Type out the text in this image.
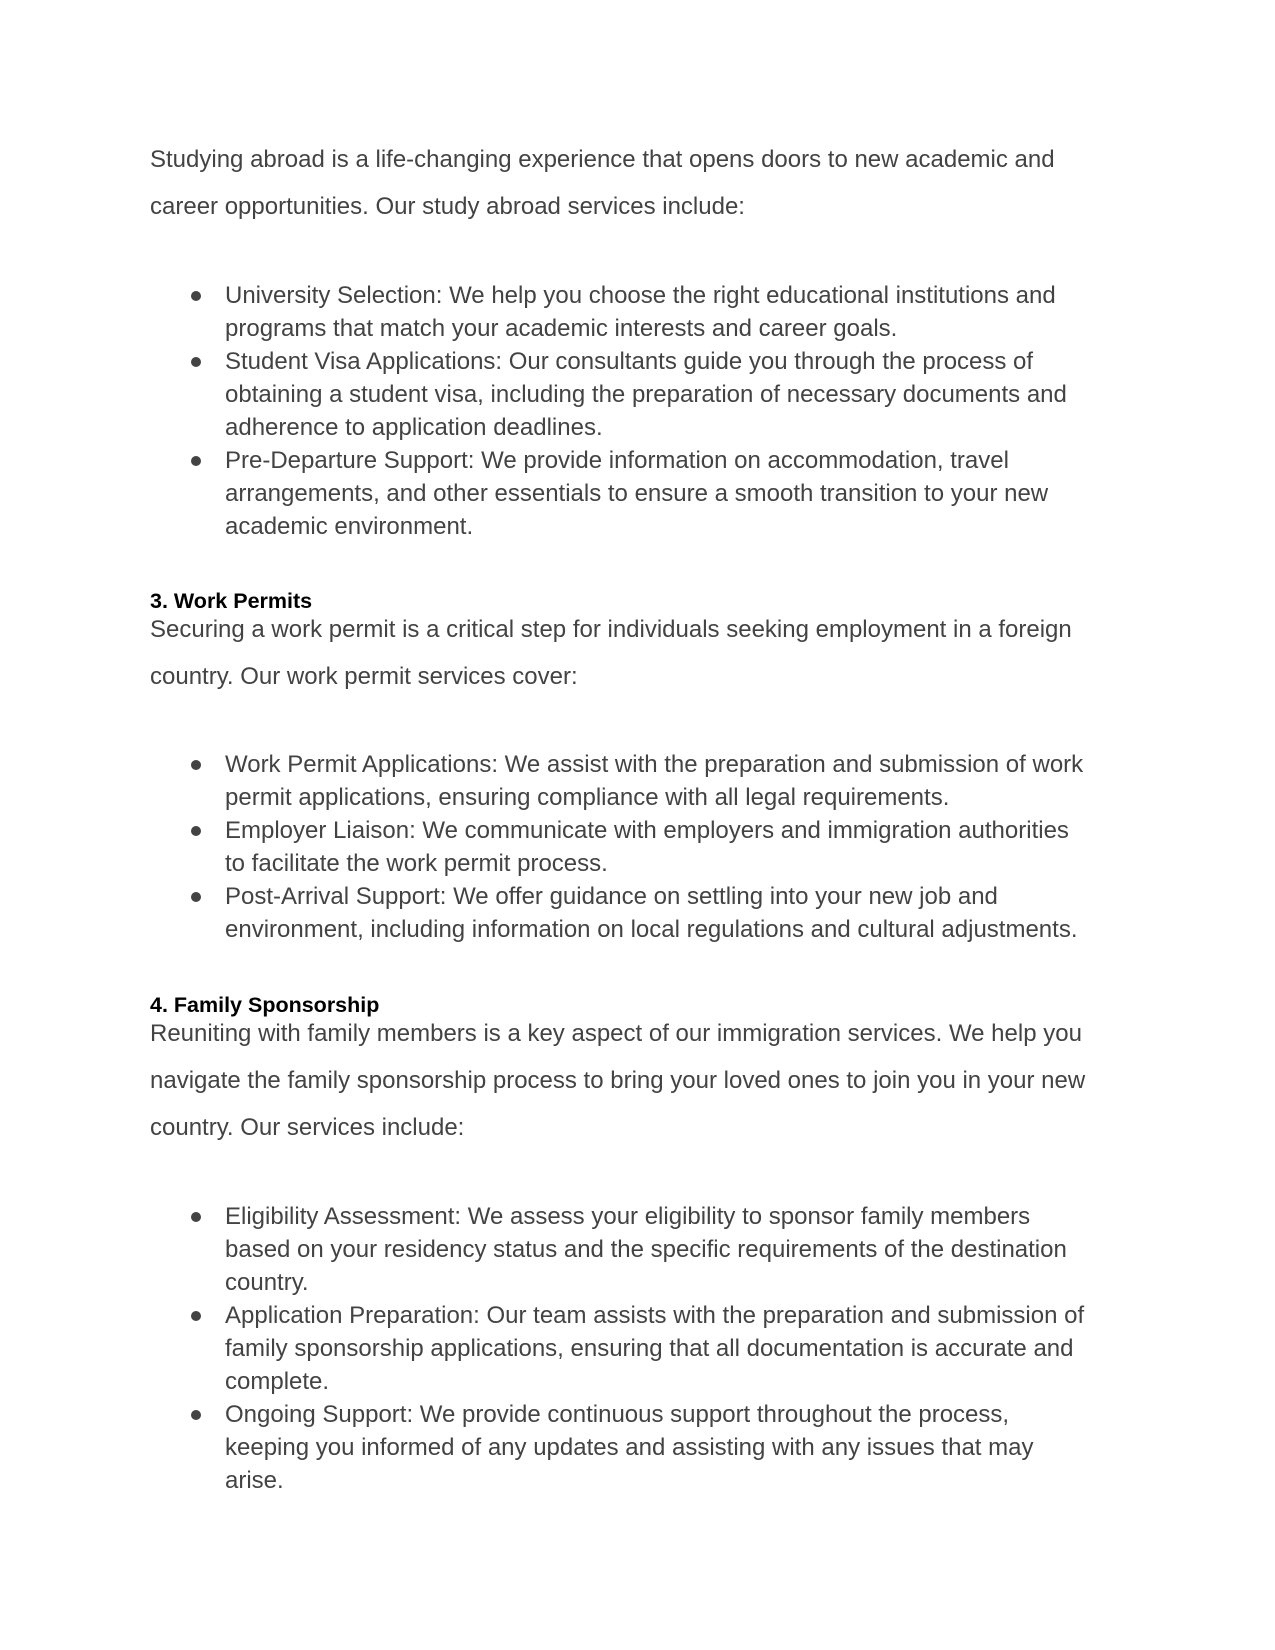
Studying abroad is a life-changing experience that opens doors to new academic and
career opportunities. Our study abroad services include:

University Selection: We help you choose the right educational institutions and
programs that match your academic interests and career goals.
Student Visa Applications: Our consultants guide you through the process of
obtaining a student visa, including the preparation of necessary documents and
adherence to application deadlines.
Pre-Departure Support: We provide information on accommodation, travel
arrangements, and other essentials to ensure a smooth transition to your new
academic environment.
3. Work Permits

Securing a work permit is a critical step for individuals seeking employment in a foreign
country. Our work permit services cover:

Work Permit Applications: We assist with the preparation and submission of work
permit applications, ensuring compliance with all legal requirements.
Employer Liaison: We communicate with employers and immigration authorities
to facilitate the work permit process.
Post-Arrival Support: We offer guidance on settling into your new job and
environment, including information on local regulations and cultural adjustments.
4. Family Sponsorship

Reuniting with family members is a key aspect of our immigration services. We help you
navigate the family sponsorship process to bring your loved ones to join you in your new
country. Our services include:

Eligibility Assessment: We assess your eligibility to sponsor family members
based on your residency status and the specific requirements of the destination
country.
Application Preparation: Our team assists with the preparation and submission of
family sponsorship applications, ensuring that all documentation is accurate and
complete.
Ongoing Support: We provide continuous support throughout the process,
keeping you informed of any updates and assisting with any issues that may
arise.
